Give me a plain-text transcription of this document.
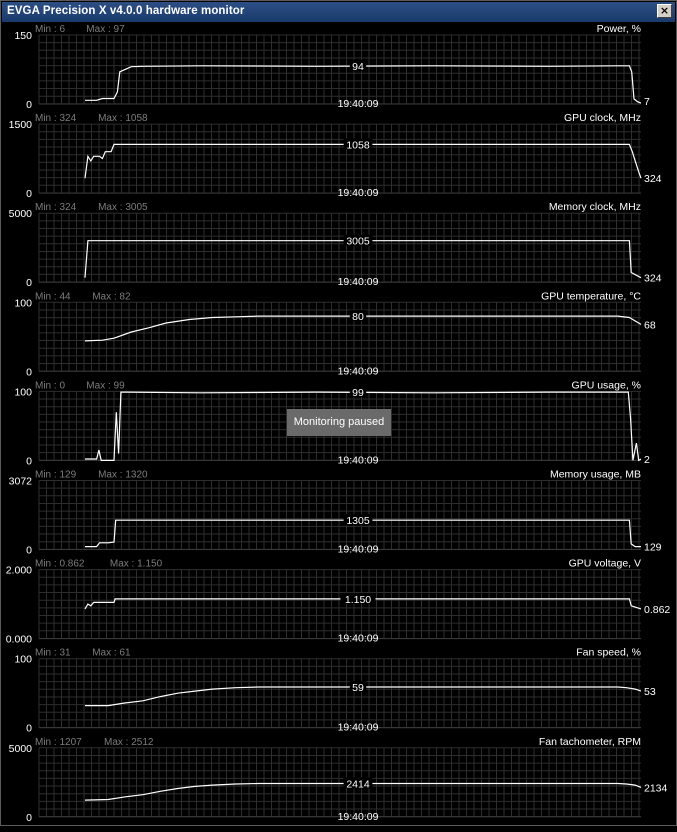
EVGA Precision X v4.0.0 hardware monitor	×
Min : 6 Max : 97	Power, %
150
0	19:40:09
94
7
Min : 324 Max : 1058	GPU clock, MHz
1500
0	19:40:09
1058
324
Min : 324 Max : 3005	Memory clock, MHz
5000
0	19:40:09
3005
324
Min : 44 Max : 82	GPU temperature, °C
100
0	19:40:09
80
68
Min : 0 Max : 99	GPU usage, %
100
0	19:40:09
99
2
Min : 129 Max : 1320	Memory usage, MB
3072
0	19:40:09
1305
129
Min : 0.862	Max : 1.150	GPU voltage, V
2.000
0.000	19:40:09
1.150
0.862
Min : 31 Max : 61	Fan speed, %
100
0	19:40:09
59	53
Min : 1207 Max : 2512	Fan tachometer, RPM
5000
0	19:40:09
2414	2134
Monitoring paused
